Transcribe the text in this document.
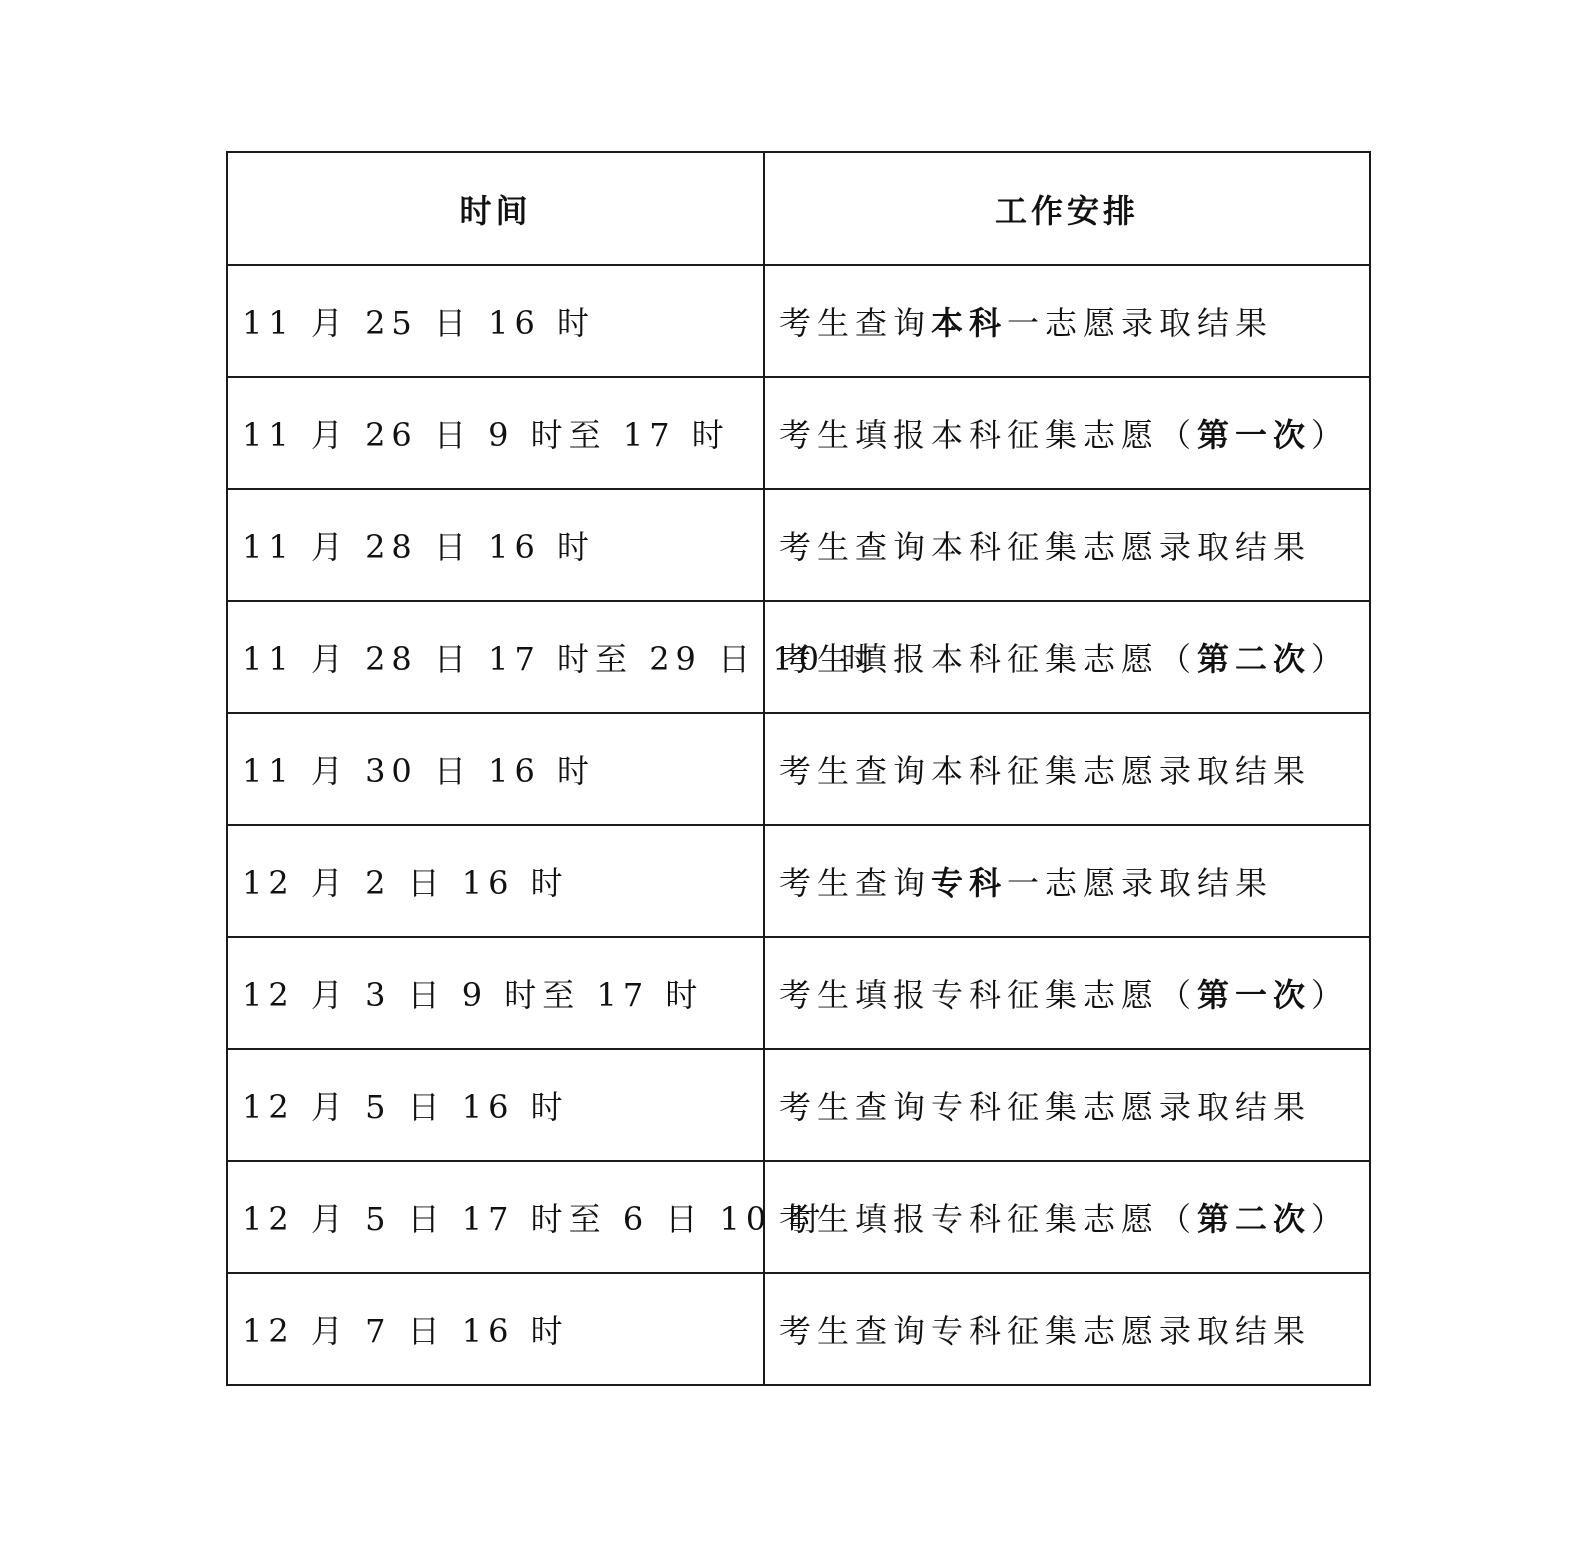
时间	工作安排
11 月 25 日 16 时	考生查询本科一志愿录取结果
11 月 26 日 9 时至 17 时	考生填报本科征集志愿（第一次）
11 月 28 日 16 时	考生查询本科征集志愿录取结果
11 月 28 日 17 时至 29 日 10 时	考生填报本科征集志愿（第二次）
11 月 30 日 16 时	考生查询本科征集志愿录取结果
12 月 2 日 16 时	考生查询专科一志愿录取结果
12 月 3 日 9 时至 17 时	考生填报专科征集志愿（第一次）
12 月 5 日 16 时	考生查询专科征集志愿录取结果
12 月 5 日 17 时至 6 日 10 时	考生填报专科征集志愿（第二次）
12 月 7 日 16 时	考生查询专科征集志愿录取结果
